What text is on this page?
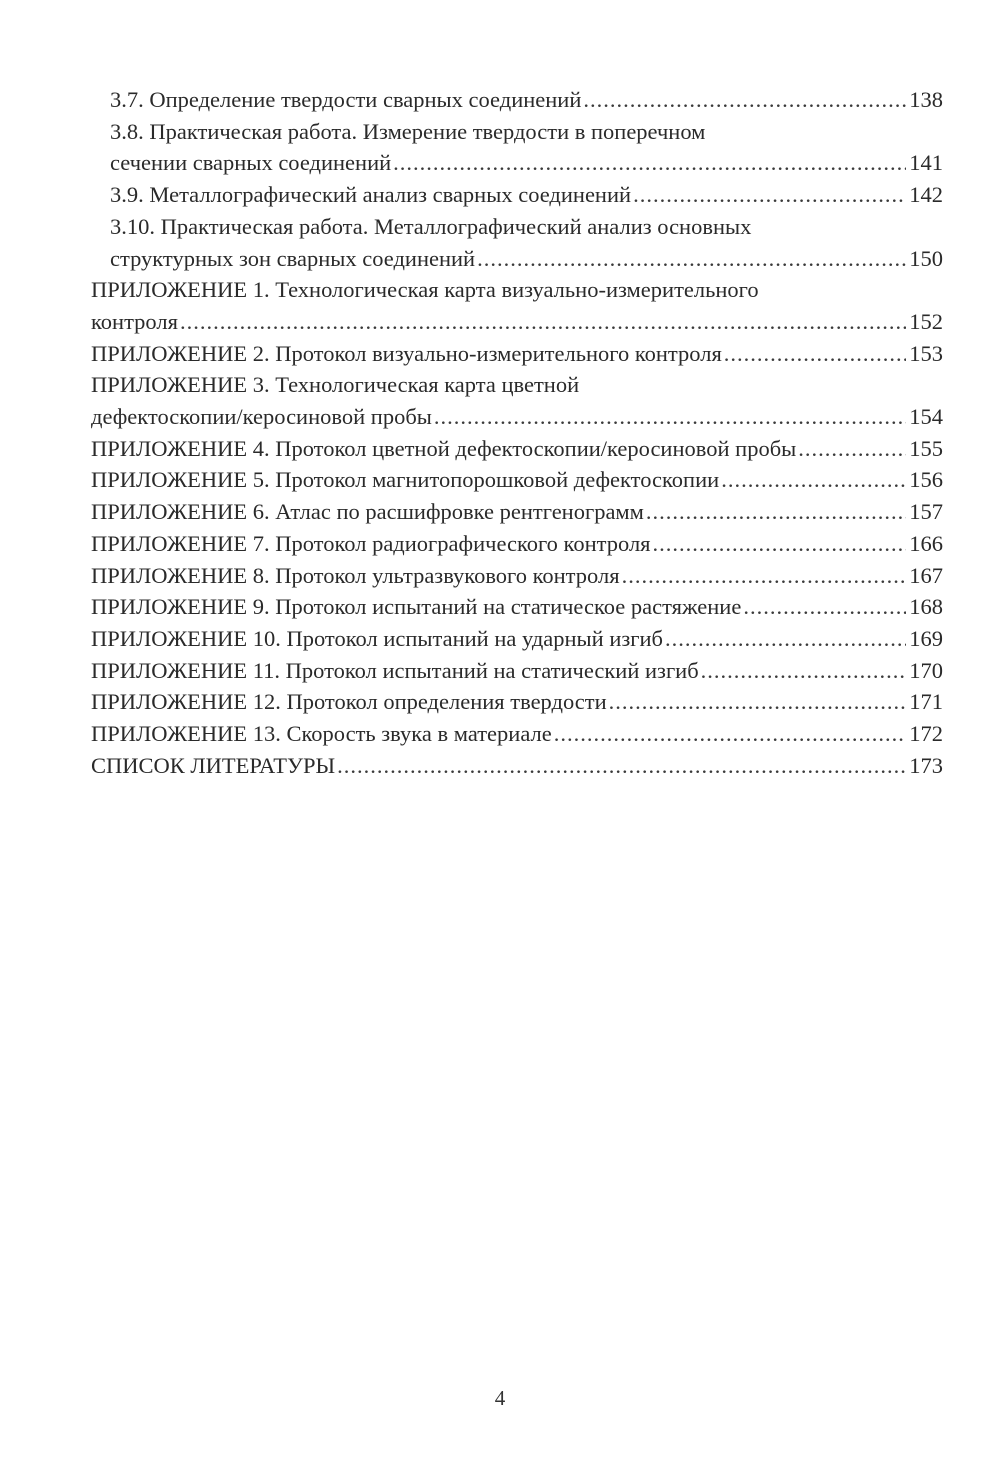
3.7. Определение твердости сварных соединений .....	138
3.8. Практическая работа. Измерение твердости в поперечном
сечении сварных соединений .....	141
3.9. Металлографический анализ сварных соединений .....	142
3.10. Практическая работа. Металлографический анализ основных
структурных зон сварных соединений .....	150
ПРИЛОЖЕНИЕ 1. Технологическая карта визуально-измерительного
контроля .....	152
ПРИЛОЖЕНИЕ 2. Протокол визуально-измерительного контроля .....	153
ПРИЛОЖЕНИЕ 3. Технологическая карта цветной
дефектоскопии/керосиновой пробы .....	154
ПРИЛОЖЕНИЕ 4. Протокол цветной дефектоскопии/керосиновой пробы .....	155
ПРИЛОЖЕНИЕ 5. Протокол магнитопорошковой дефектоскопии .....	156
ПРИЛОЖЕНИЕ 6. Атлас по расшифровке рентгенограмм .....	157
ПРИЛОЖЕНИЕ 7. Протокол радиографического контроля .....	166
ПРИЛОЖЕНИЕ 8. Протокол ультразвукового контроля .....	167
ПРИЛОЖЕНИЕ 9. Протокол испытаний на статическое растяжение .....	168
ПРИЛОЖЕНИЕ 10. Протокол испытаний на ударный изгиб .....	169
ПРИЛОЖЕНИЕ 11. Протокол испытаний на статический изгиб .....	170
ПРИЛОЖЕНИЕ 12. Протокол определения твердости .....	171
ПРИЛОЖЕНИЕ 13. Скорость звука в материале .....	172
СПИСОК ЛИТЕРАТУРЫ .....	173
4
